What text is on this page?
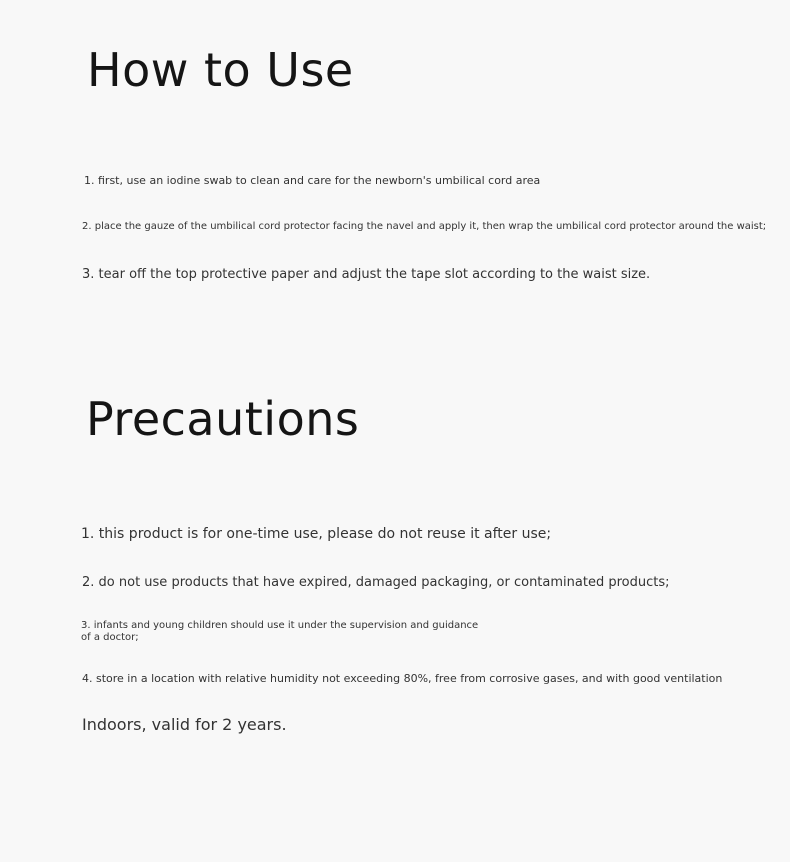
How to Use

1. first, use an iodine swab to clean and care for the newborn's umbilical cord area

2. place the gauze of the umbilical cord protector facing the navel and apply it, then wrap the umbilical cord protector around the waist;

3. tear off the top protective paper and adjust the tape slot according to the waist size.

Precautions

1. this product is for one-time use, please do not reuse it after use;

2. do not use products that have expired, damaged packaging, or contaminated products;

3. infants and young children should use it under the supervision and guidance of a doctor;

4. store in a location with relative humidity not exceeding 80%, free from corrosive gases, and with good ventilation

Indoors, valid for 2 years.
